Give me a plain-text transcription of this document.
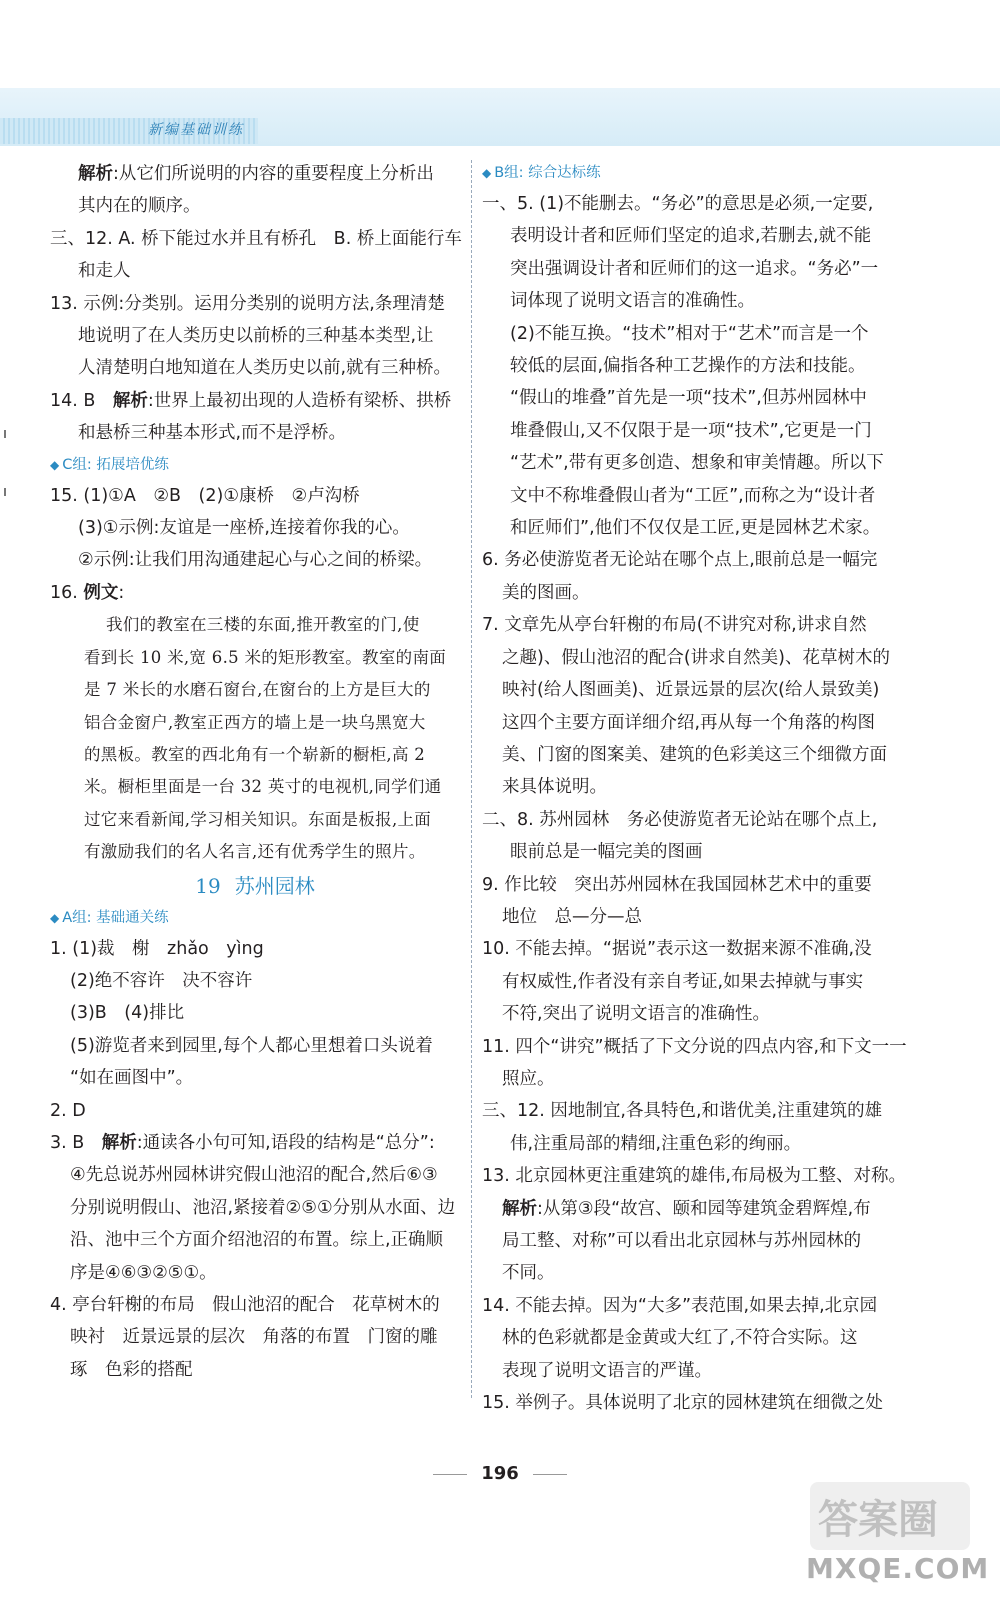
新编基础训练
解析:从它们所说明的内容的重要程度上分析出
其内在的顺序。
三、12. A. 桥下能过水并且有桥孔　B. 桥上面能行车
和走人
13. 示例:分类别。运用分类别的说明方法,条理清楚
地说明了在人类历史以前桥的三种基本类型,让
人清楚明白地知道在人类历史以前,就有三种桥。
14. B　解析:世界上最初出现的人造桥有梁桥、拱桥
和悬桥三种基本形式,而不是浮桥。
◆ C组: 拓展培优练
15. (1)①A　②B　(2)①康桥　②卢沟桥
(3)①示例:友谊是一座桥,连接着你我的心。
②示例:让我们用沟通建起心与心之间的桥梁。
16. 例文:
我们的教室在三楼的东面,推开教室的门,使
看到长 10 米,宽 6.5 米的矩形教室。教室的南面
是 7 米长的水磨石窗台,在窗台的上方是巨大的
铝合金窗户,教室正西方的墙上是一块乌黑宽大
的黑板。教室的西北角有一个崭新的橱柜,高 2
米。橱柜里面是一台 32 英寸的电视机,同学们通
过它来看新闻,学习相关知识。东面是板报,上面
有激励我们的名人名言,还有优秀学生的照片。
19 苏州园林
◆ A组: 基础通关练
1. (1)裁　榭　zhǎo　yìng
(2)绝不容许　决不容许
(3)B　(4)排比
(5)游览者来到园里,每个人都心里想着口头说着
“如在画图中”。
2. D
3. B　解析:通读各小句可知,语段的结构是“总分”:
④先总说苏州园林讲究假山池沼的配合,然后⑥③
分别说明假山、池沼,紧接着②⑤①分别从水面、边
沿、池中三个方面介绍池沼的布置。综上,正确顺
序是④⑥③②⑤①。
4. 亭台轩榭的布局　假山池沼的配合　花草树木的
映衬　近景远景的层次　角落的布置　门窗的雕
琢　色彩的搭配
◆ B组: 综合达标练
一、5. (1)不能删去。“务必”的意思是必须,一定要,
表明设计者和匠师们坚定的追求,若删去,就不能
突出强调设计者和匠师们的这一追求。“务必”一
词体现了说明文语言的准确性。
(2)不能互换。“技术”相对于“艺术”而言是一个
较低的层面,偏指各种工艺操作的方法和技能。
“假山的堆叠”首先是一项“技术”,但苏州园林中
堆叠假山,又不仅限于是一项“技术”,它更是一门
“艺术”,带有更多创造、想象和审美情趣。所以下
文中不称堆叠假山者为“工匠”,而称之为“设计者
和匠师们”,他们不仅仅是工匠,更是园林艺术家。
6. 务必使游览者无论站在哪个点上,眼前总是一幅完
美的图画。
7. 文章先从亭台轩榭的布局(不讲究对称,讲求自然
之趣)、假山池沼的配合(讲求自然美)、花草树木的
映衬(给人图画美)、近景远景的层次(给人景致美)
这四个主要方面详细介绍,再从每一个角落的构图
美、门窗的图案美、建筑的色彩美这三个细微方面
来具体说明。
二、8. 苏州园林　务必使游览者无论站在哪个点上,
眼前总是一幅完美的图画
9. 作比较　突出苏州园林在我国园林艺术中的重要
地位　总—分—总
10. 不能去掉。“据说”表示这一数据来源不准确,没
有权威性,作者没有亲自考证,如果去掉就与事实
不符,突出了说明文语言的准确性。
11. 四个“讲究”概括了下文分说的四点内容,和下文一一
照应。
三、12. 因地制宜,各具特色,和谐优美,注重建筑的雄
伟,注重局部的精细,注重色彩的绚丽。
13. 北京园林更注重建筑的雄伟,布局极为工整、对称。
解析:从第③段“故宫、颐和园等建筑金碧辉煌,布
局工整、对称”可以看出北京园林与苏州园林的
不同。
14. 不能去掉。因为“大多”表范围,如果去掉,北京园
林的色彩就都是金黄或大红了,不符合实际。这
表现了说明文语言的严谨。
15. 举例子。具体说明了北京的园林建筑在细微之处
196
答案圈
MXQE.COM
